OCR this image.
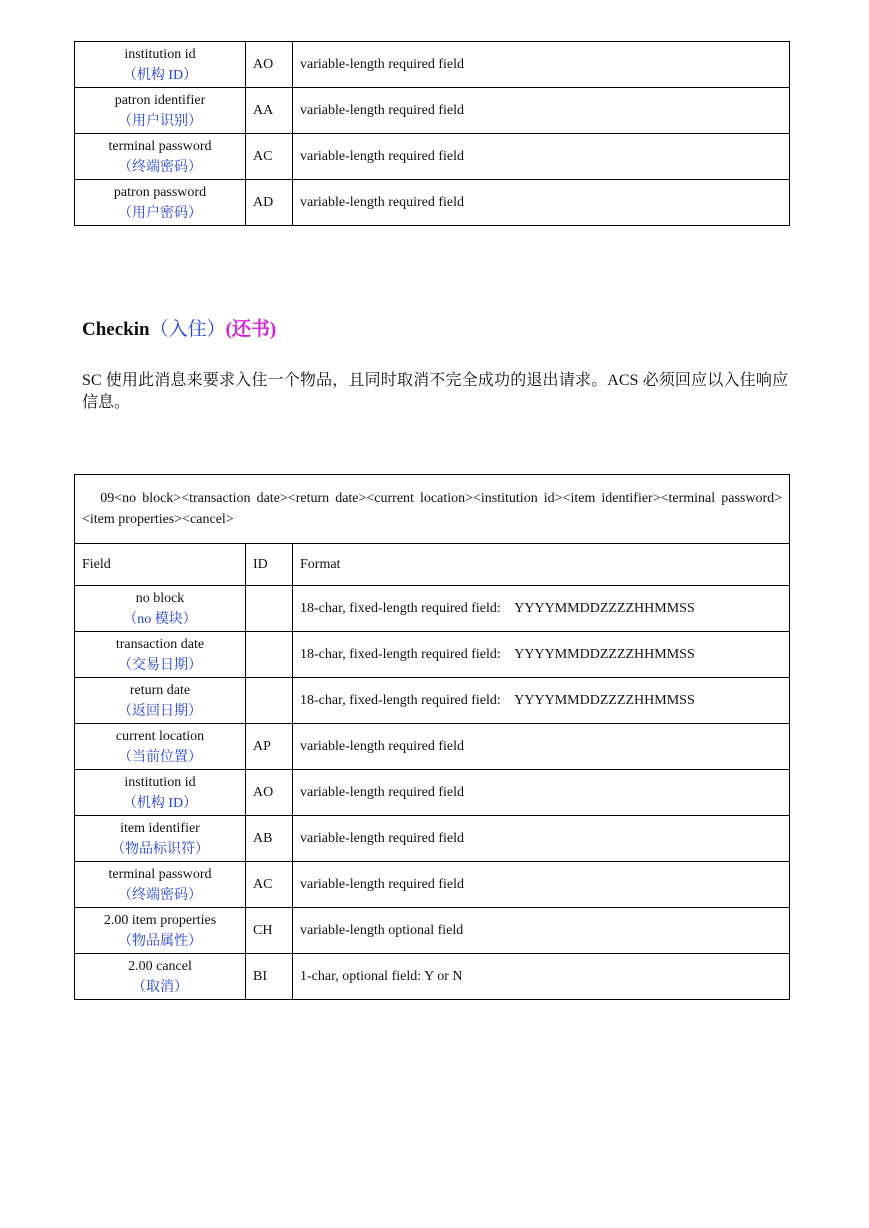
institution id
（机构 ID）	AO	variable-length required field

patron identifier
（用户识别）	AA	variable-length required field

terminal password
（终端密码）	AC	variable-length required field

patron password
（用户密码）	AD	variable-length required field
Checkin（入住）(还书)

SC 使用此消息来要求入住一个物品，且同时取消不完全成功的退出请求。ACS 必须回应以入住响应信息。

09<no block><transaction date><return date><current location><institution id><item identifier><terminal password><item properties><cancel>		
Field	ID	Format

no block
（no 模块）		18-char, fixed-length required field:    YYYYMMDDZZZZHHMMSS

transaction date
（交易日期）		18-char, fixed-length required field:    YYYYMMDDZZZZHHMMSS

return date
（返回日期）		18-char, fixed-length required field:    YYYYMMDDZZZZHHMMSS

current location
（当前位置）	AP	variable-length required field

institution id
（机构 ID）	AO	variable-length required field

item identifier
（物品标识符）	AB	variable-length required field

terminal password
（终端密码）	AC	variable-length required field

2.00 item properties
（物品属性）	CH	variable-length optional field

2.00 cancel
（取消）	BI	1-char, optional field: Y or N
